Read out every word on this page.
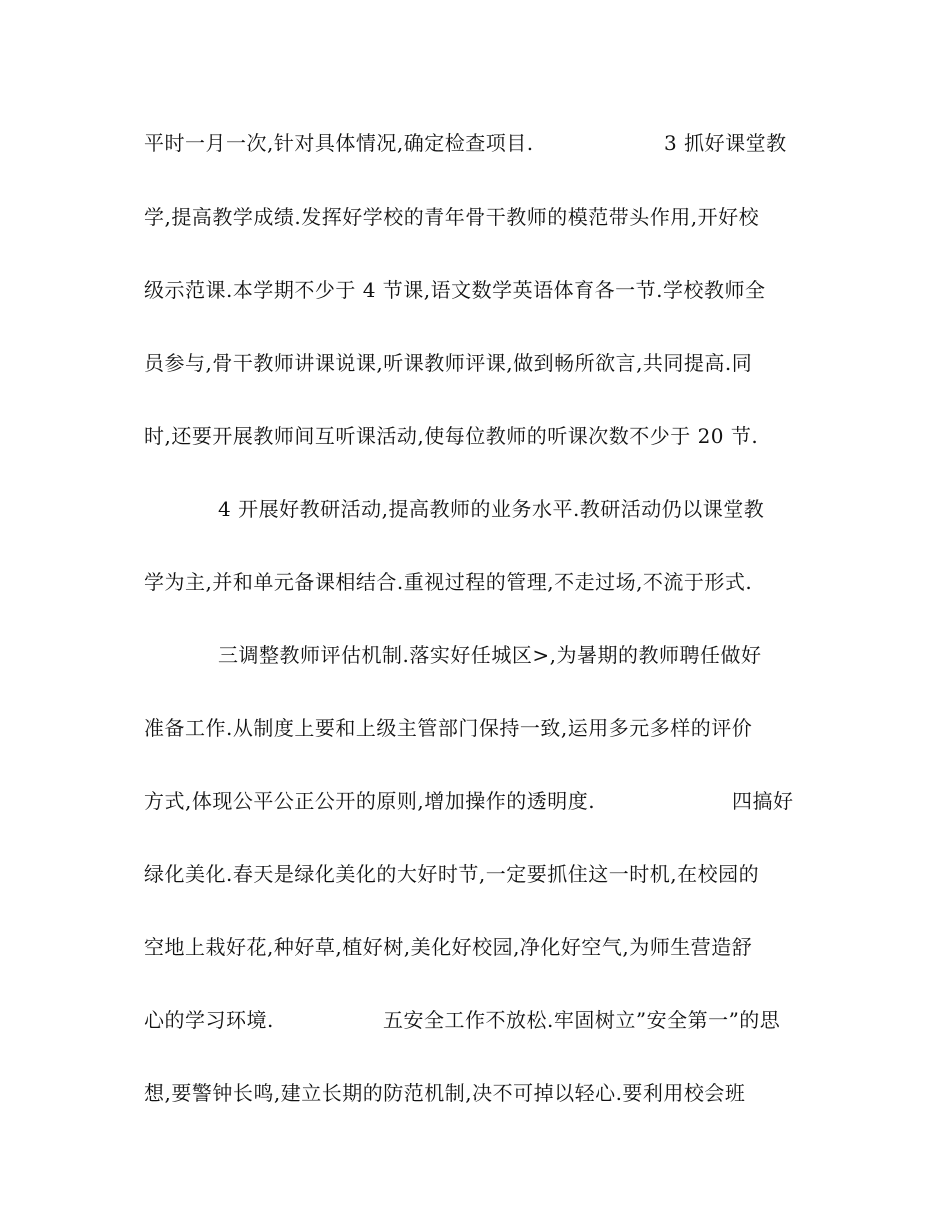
平时一月一次,针对具体情况,确定检查项目.	3 抓好课堂教
学,提高教学成绩.发挥好学校的青年骨干教师的模范带头作用,开好校
级示范课.本学期不少于 4 节课,语文数学英语体育各一节.学校教师全
员参与,骨干教师讲课说课,听课教师评课,做到畅所欲言,共同提高.同
时,还要开展教师间互听课活动,使每位教师的听课次数不少于 20 节.
4 开展好教研活动,提高教师的业务水平.教研活动仍以课堂教
学为主,并和单元备课相结合.重视过程的管理,不走过场,不流于形式.
三调整教师评估机制.落实好任城区>,为暑期的教师聘任做好
准备工作.从制度上要和上级主管部门保持一致,运用多元多样的评价
方式,体现公平公正公开的原则,增加操作的透明度.	四搞好
绿化美化.春天是绿化美化的大好时节,一定要抓住这一时机,在校园的
空地上栽好花,种好草,植好树,美化好校园,净化好空气,为师生营造舒
心的学习环境.	五安全工作不放松.牢固树立”安全第一”的思
想,要警钟长鸣,建立长期的防范机制,决不可掉以轻心.要利用校会班
